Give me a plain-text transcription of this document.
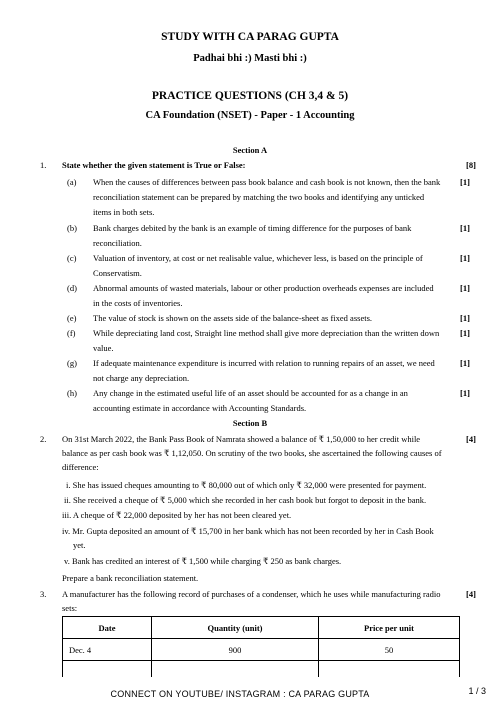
STUDY WITH CA PARAG GUPTA
Padhai bhi :) Masti bhi :)
PRACTICE QUESTIONS (CH 3,4 & 5)
CA Foundation (NSET) - Paper - 1 Accounting
Section A
1. State whether the given statement is True or False:	[8]
(a) When the causes of differences between pass book balance and cash book is not known, then the bank
reconciliation statement can be prepared by matching the two books and identifying any unticked
items in both sets.
[1]
(b) Bank charges debited by the bank is an example of timing difference for the purposes of bank
reconciliation.
[1]
(c) Valuation of inventory, at cost or net realisable value, whichever less, is based on the principle of
Conservatism.
[1]
(d) Abnormal amounts of wasted materials, labour or other production overheads expenses are included
in the costs of inventories.
[1]
(e) The value of stock is shown on the assets side of the balance-sheet as fixed assets.	[1]
(f) While depreciating land cost, Straight line method shall give more depreciation than the written down
value.
[1]
(g) If adequate maintenance expenditure is incurred with relation to running repairs of an asset, we need
not charge any depreciation.
[1]
(h) Any change in the estimated useful life of an asset should be accounted for as a change in an
accounting estimate in accordance with Accounting Standards.
[1]
Section B
2. On 31st March 2022, the Bank Pass Book of Namrata showed a balance of ₹ 1,50,000 to her credit while	[4]
balance as per cash book was ₹ 1,12,050. On scrutiny of the two books, she ascertained the following causes of
difference:
i. She has issued cheques amounting to ₹ 80,000 out of which only ₹ 32,000 were presented for payment.
ii. She received a cheque of ₹ 5,000 which she recorded in her cash book but forgot to deposit in the bank.
iii. A cheque of ₹ 22,000 deposited by her has not been cleared yet.
iv. Mr. Gupta deposited an amount of ₹ 15,700 in her bank which has not been recorded by her in Cash Book
yet.
v. Bank has credited an interest of ₹ 1,500 while charging ₹ 250 as bank charges.
Prepare a bank reconciliation statement.
3. A manufacturer has the following record of purchases of a condenser, which he uses while manufacturing radio	[4]
sets:
Date	Quantity (unit)	Price per unit
Dec. 4	900	50

CONNECT ON YOUTUBE/ INSTAGRAM : CA PARAG GUPTA	1 / 3
